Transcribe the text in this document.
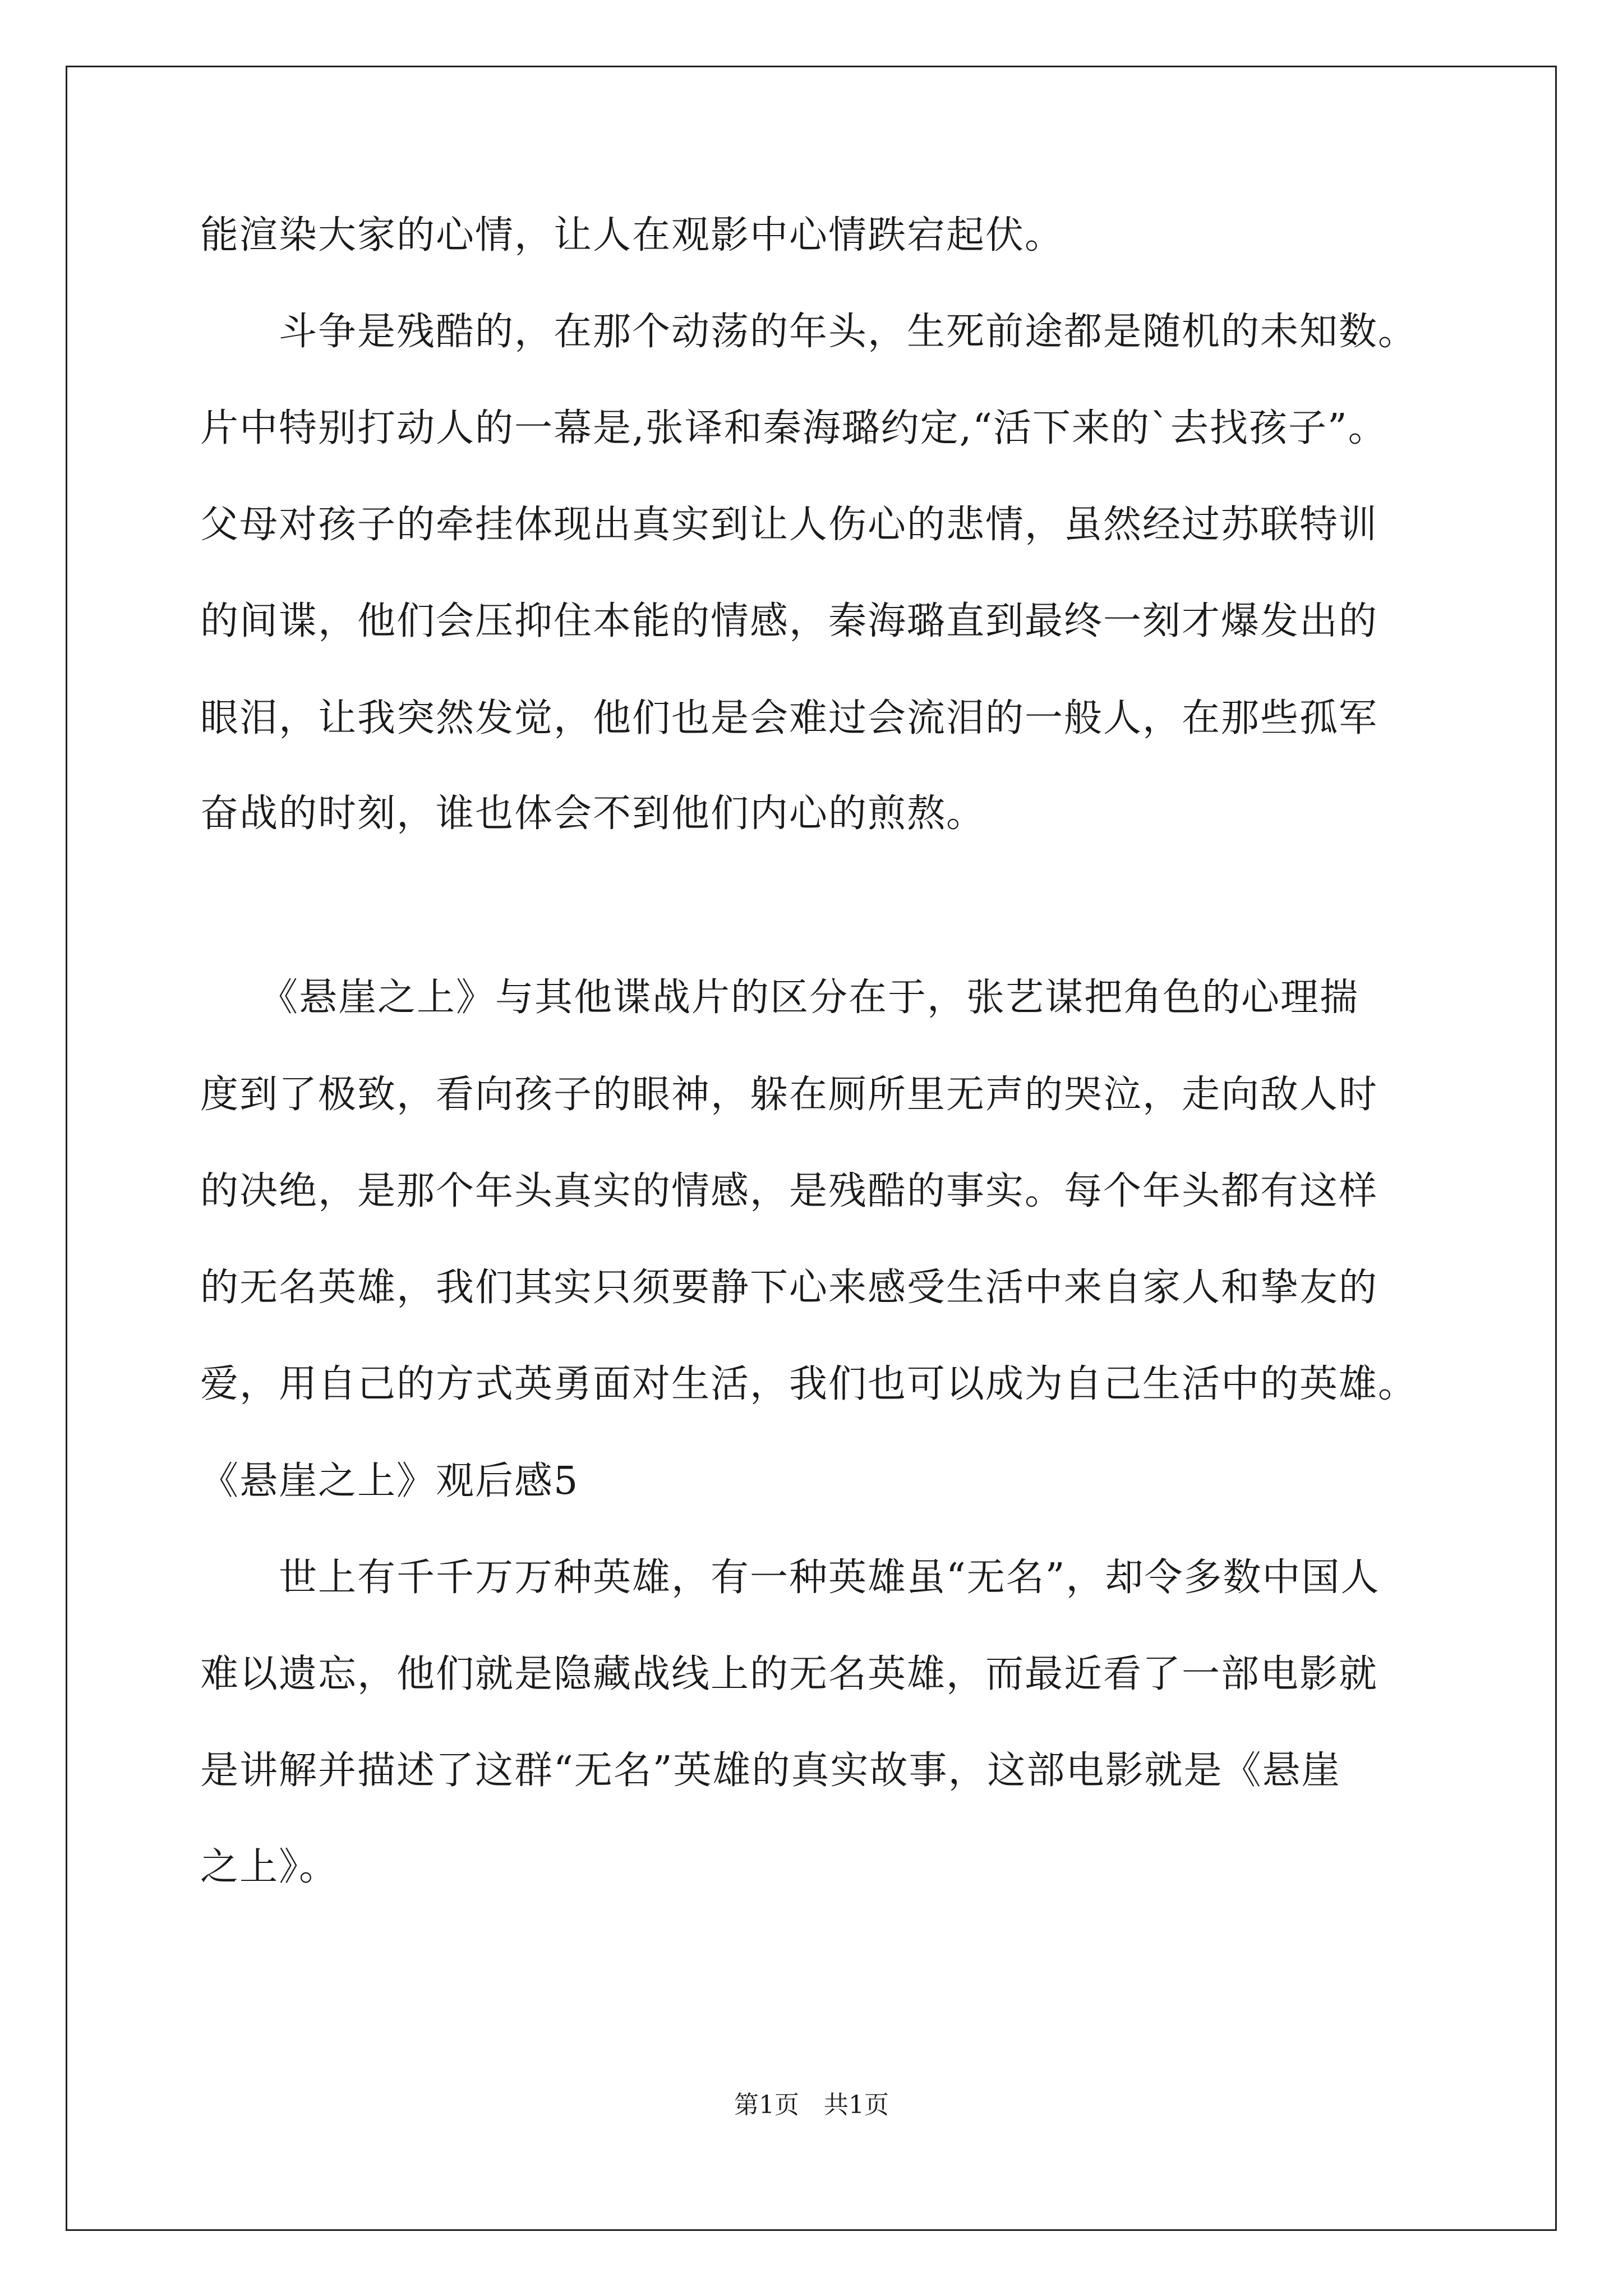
能渲染大家的心情，让人在观影中心情跌宕起伏。
　　斗争是残酷的，在那个动荡的年头，生死前途都是随机的未知数。
片中特别打动人的一幕是,张译和秦海璐约定,“活下来的`去找孩子”。
父母对孩子的牵挂体现出真实到让人伤心的悲情，虽然经过苏联特训
的间谍，他们会压抑住本能的情感，秦海璐直到最终一刻才爆发出的
眼泪，让我突然发觉，他们也是会难过会流泪的一般人，在那些孤军
奋战的时刻，谁也体会不到他们内心的煎熬。
　　《悬崖之上》与其他谍战片的区分在于，张艺谋把角色的心理揣
度到了极致，看向孩子的眼神，躲在厕所里无声的哭泣，走向敌人时
的决绝，是那个年头真实的情感，是残酷的事实。每个年头都有这样
的无名英雄，我们其实只须要静下心来感受生活中来自家人和挚友的
爱，用自己的方式英勇面对生活，我们也可以成为自己生活中的英雄。
《悬崖之上》观后感5
　　世上有千千万万种英雄，有一种英雄虽“无名”，却令多数中国人
难以遗忘，他们就是隐藏战线上的无名英雄，而最近看了一部电影就
是讲解并描述了这群“无名”英雄的真实故事，这部电影就是《悬崖
之上》。
第1页　共1页
